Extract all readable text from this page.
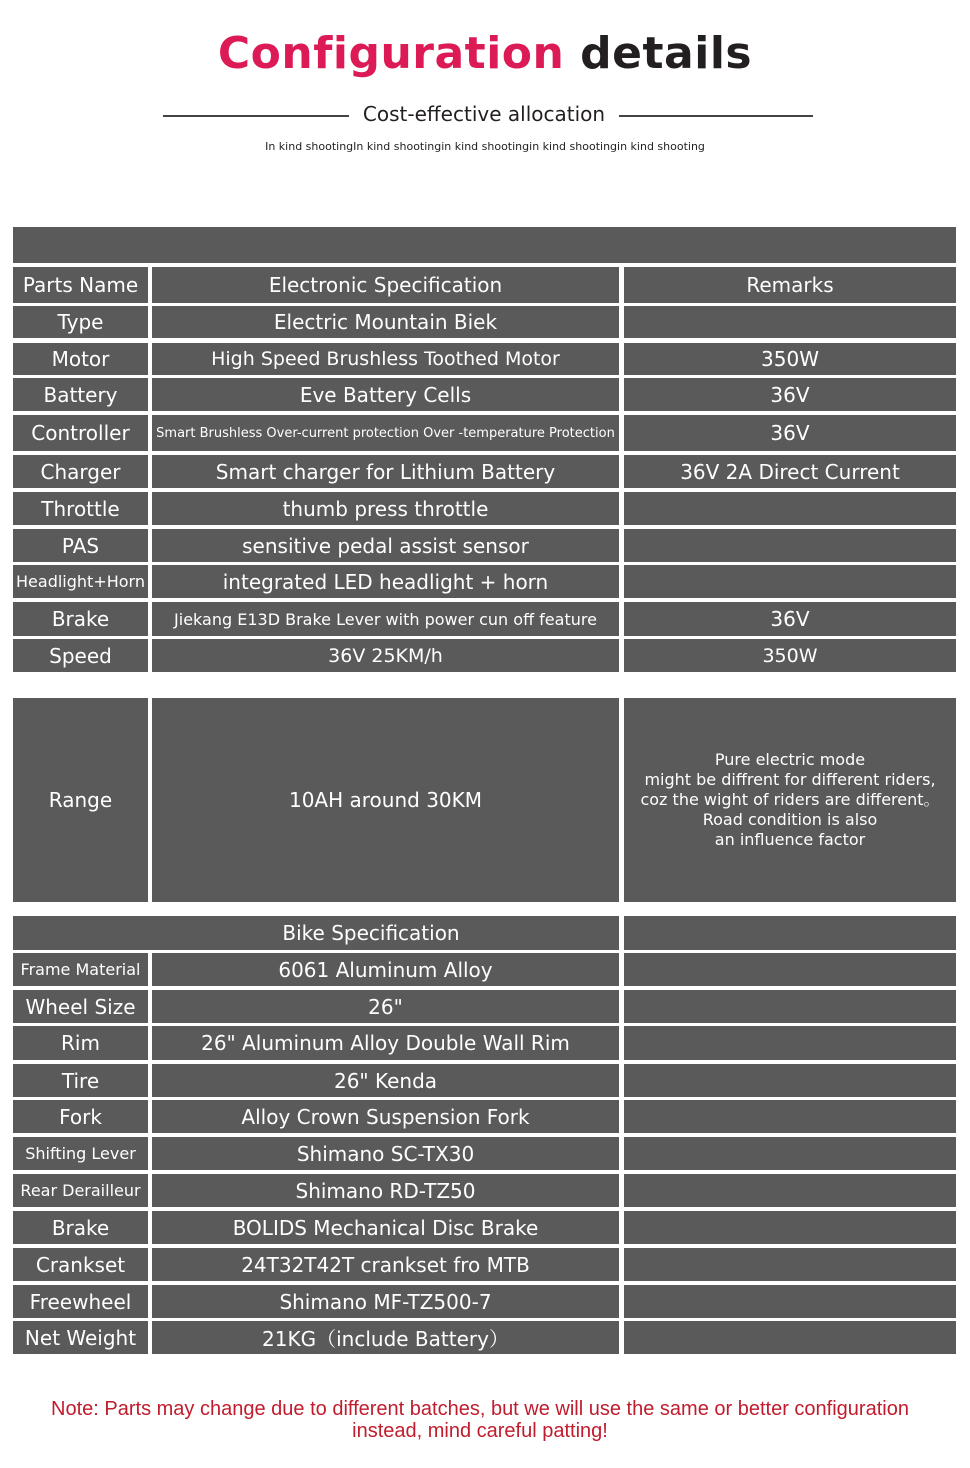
Configuration details
Cost-effective allocation
In kind shootingIn kind shootingin kind shootingin kind shootingin kind shooting
Parts Name	Electronic Specification	Remarks
Type	Electric Mountain Biek
Motor	High Speed Brushless Toothed Motor	350W
Battery	Eve Battery Cells	36V
Controller	Smart Brushless Over-current protection Over -temperature Protection	36V
Charger	Smart charger for Lithium Battery	36V 2A Direct Current
Throttle	thumb press throttle
PAS	sensitive pedal assist sensor
Headlight+Horn	integrated LED headlight + horn
Brake	Jiekang E13D Brake Lever with power cun off feature	36V
Speed	36V 25KM/h	350W
Range	10AH around 30KM
Pure electric mode
might be diffrent for different riders,
coz the wight of riders are different。
Road condition is also
an influence factor
Bike Specification
Frame Material	6061 Aluminum Alloy
Wheel Size	26"
Rim	26" Aluminum Alloy Double Wall Rim
Tire	26" Kenda
Fork	Alloy Crown Suspension Fork
Shifting Lever	Shimano SC-TX30
Rear Derailleur	Shimano RD-TZ50
Brake	BOLIDS Mechanical Disc Brake
Crankset	24T32T42T crankset fro MTB
Freewheel	Shimano MF-TZ500-7
Net Weight	21KG（include Battery）
Note: Parts may change due to different batches, but we will use the same or better configuration instead, mind careful patting!
